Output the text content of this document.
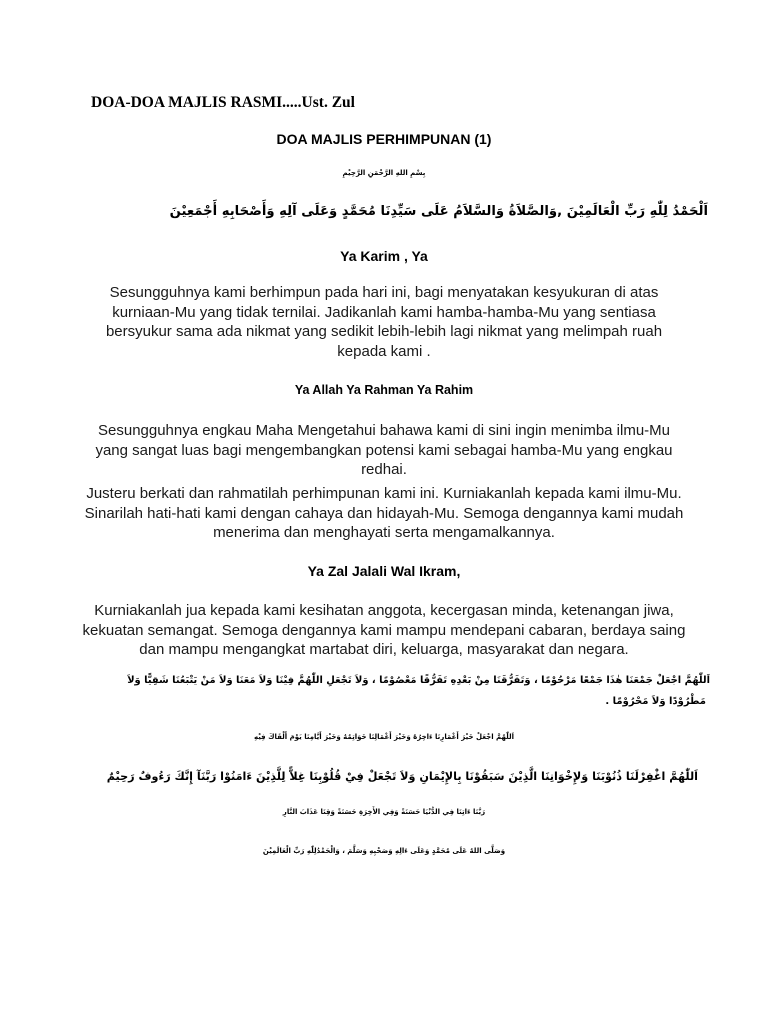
DOA-DOA MAJLIS RASMI.....Ust. Zul

DOA MAJLIS PERHIMPUNAN (1)

بِسْمِ اللهِ الرَّحْمَنِ الرَّحِيْمِ

اَلْحَمْدُ لِلّٰهِ رَبِّ الْعَالَمِيْنَ ,وَالصَّلاَةُ وَالسَّلاَمُ عَلَى سَيِّدِنَا مُحَمَّدٍ وَعَلَى آلِهِ وَأَصْحَابِهِ أَجْمَعِيْنَ

Ya Karim , Ya

Sesungguhnya kami berhimpun pada hari ini, bagi menyatakan kesyukuran di atas kurniaan-Mu yang tidak ternilai. Jadikanlah kami hamba-hamba-Mu yang sentiasa bersyukur sama ada nikmat yang sedikit lebih-lebih lagi nikmat yang melimpah ruah kepada kami .

Ya Allah Ya Rahman Ya Rahim

Sesungguhnya engkau Maha Mengetahui bahawa kami di sini ingin menimba ilmu-Mu yang sangat luas bagi mengembangkan potensi kami sebagai hamba-Mu yang engkau redhai.

Justeru berkati dan rahmatilah perhimpunan kami ini. Kurniakanlah kepada kami ilmu-Mu. Sinarilah hati-hati kami dengan cahaya dan hidayah-Mu. Semoga dengannya kami mudah menerima dan menghayati serta mengamalkannya.

Ya Zal Jalali Wal Ikram,

Kurniakanlah jua kepada kami kesihatan anggota, kecergasan minda, ketenangan jiwa, kekuatan semangat. Semoga dengannya kami mampu mendepani cabaran, berdaya saing dan mampu mengangkat martabat diri, keluarga, masyarakat dan negara.

اَللّٰهُمَّ اجْعَلْ جَمْعَنَا هٰذَا جَمْعًا مَرْحُوْمًا ، وَتَفَرُّقَنَا مِنْ بَعْدِهِ تَفَرُّقًا مَعْصُوْمًا ، وَلاَ تَجْعَلِ اللّٰهُمَّ فِيْنَا وَلاَ مَعَنَا وَلاَ مَنْ يَتْبَعُنَا شَقِيًّا وَلاَ

مَطْرُوْدًا وَلاَ مَحْرُوْمًا .

اَللّٰهُمَّ اجْعَلْ خَيْرَ أَعْمَارِنَا ءَاخِرُهُ وَخَيْرَ أَعْمَالِنَا خَوَاتِمُهُ وَخَيْرَ أَيَّامِنَا يَوْمَ أَلْقَاكَ فِيْهِ

اَللّٰهُمَّ اغْفِرْلَنَا ذُنُوْبَنَا وَلإِخْوَانِنَا الَّذِيْنَ سَبَقُوْنَا بِالإِيْمَانِ وَلاَ تَجْعَلْ فِيْ قُلُوْبِنَا غِلاًّ لِلَّذِيْنَ ءَامَنُوْا رَبَّنَآ إِنَّكَ رَءُوفٌ رَحِيْمٌ

رَبَّنَا ءَاتِنَا فِي الدُّنْيَا حَسَنَةً وَفِي الأَخِرَةِ حَسَنَةً وَقِنَا عَذَابَ النَّارِ

وَصَلَّى اللهُ عَلَى مُحَمَّدٍ وَعَلَى ءَالِهِ وَصَحْبِهِ وَسَلَّمَ ، وَالْحَمْدُلِلّٰهِ رَبِّ الْعَالَمِيْنَ
